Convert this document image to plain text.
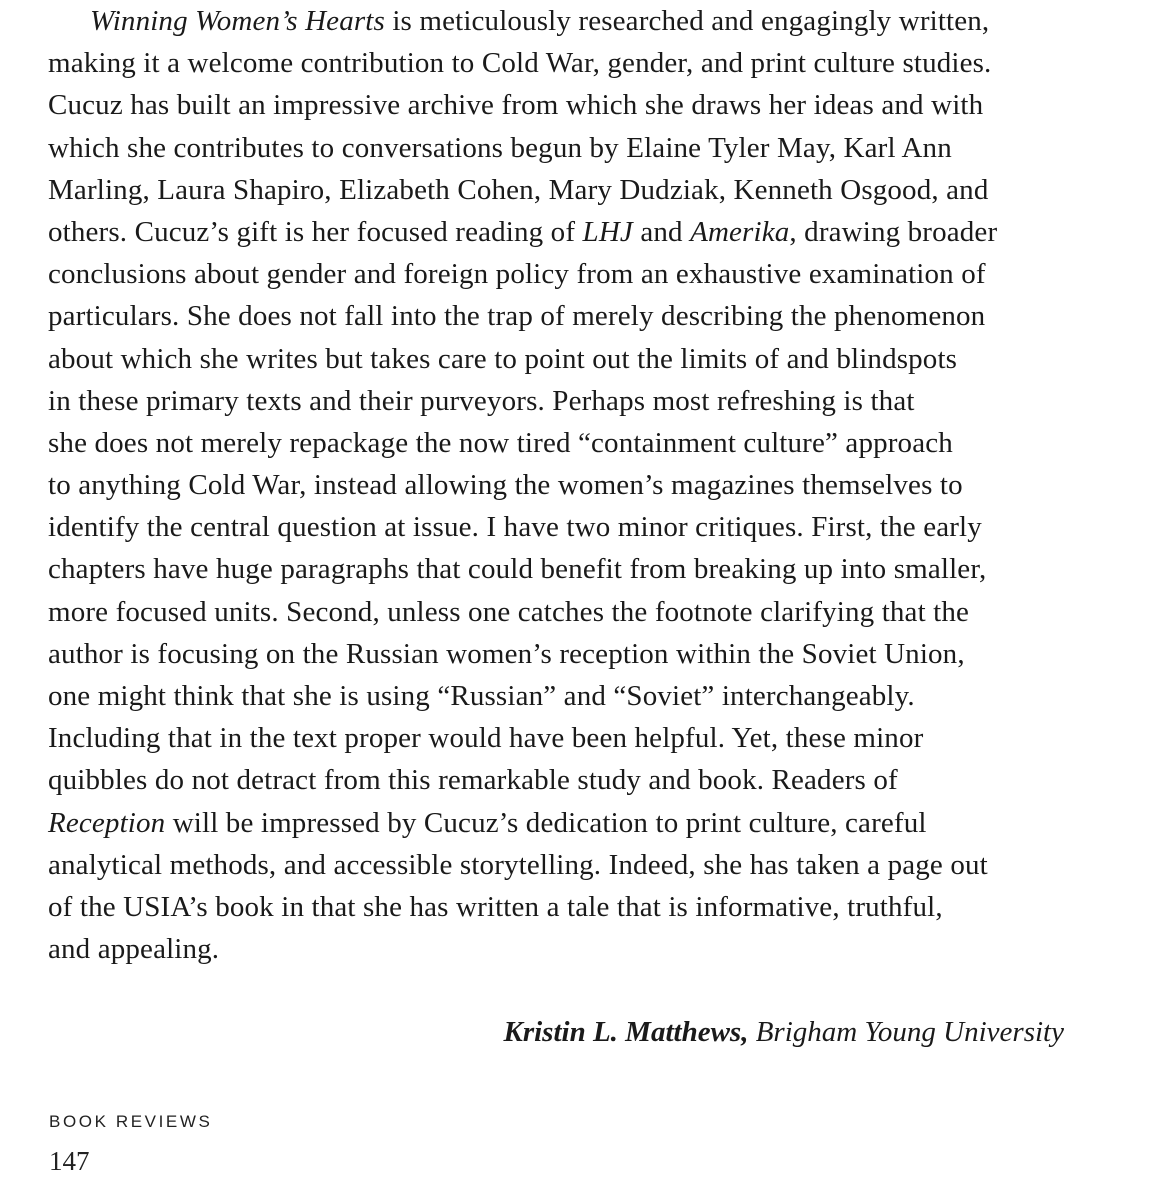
Winning Women’s Hearts is meticulously researched and engagingly written,
making it a welcome contribution to Cold War, gender, and print culture studies.
Cucuz has built an impressive archive from which she draws her ideas and with
which she contributes to conversations begun by Elaine Tyler May, Karl Ann
Marling, Laura Shapiro, Elizabeth Cohen, Mary Dudziak, Kenneth Osgood, and
others. Cucuz’s gift is her focused reading of LHJ and Amerika, drawing broader
conclusions about gender and foreign policy from an exhaustive examination of
particulars. She does not fall into the trap of merely describing the phenomenon
about which she writes but takes care to point out the limits of and blindspots
in these primary texts and their purveyors. Perhaps most refreshing is that
she does not merely repackage the now tired “containment culture” approach
to anything Cold War, instead allowing the women’s magazines themselves to
identify the central question at issue. I have two minor critiques. First, the early
chapters have huge paragraphs that could benefit from breaking up into smaller,
more focused units. Second, unless one catches the footnote clarifying that the
author is focusing on the Russian women’s reception within the Soviet Union,
one might think that she is using “Russian” and “Soviet” interchangeably.
Including that in the text proper would have been helpful. Yet, these minor
quibbles do not detract from this remarkable study and book. Readers of
Reception will be impressed by Cucuz’s dedication to print culture, careful
analytical methods, and accessible storytelling. Indeed, she has taken a page out
of the USIA’s book in that she has written a tale that is informative, truthful,
and appealing.
Kristin L. Matthews, Brigham Young University
BOOK REVIEWS
147
